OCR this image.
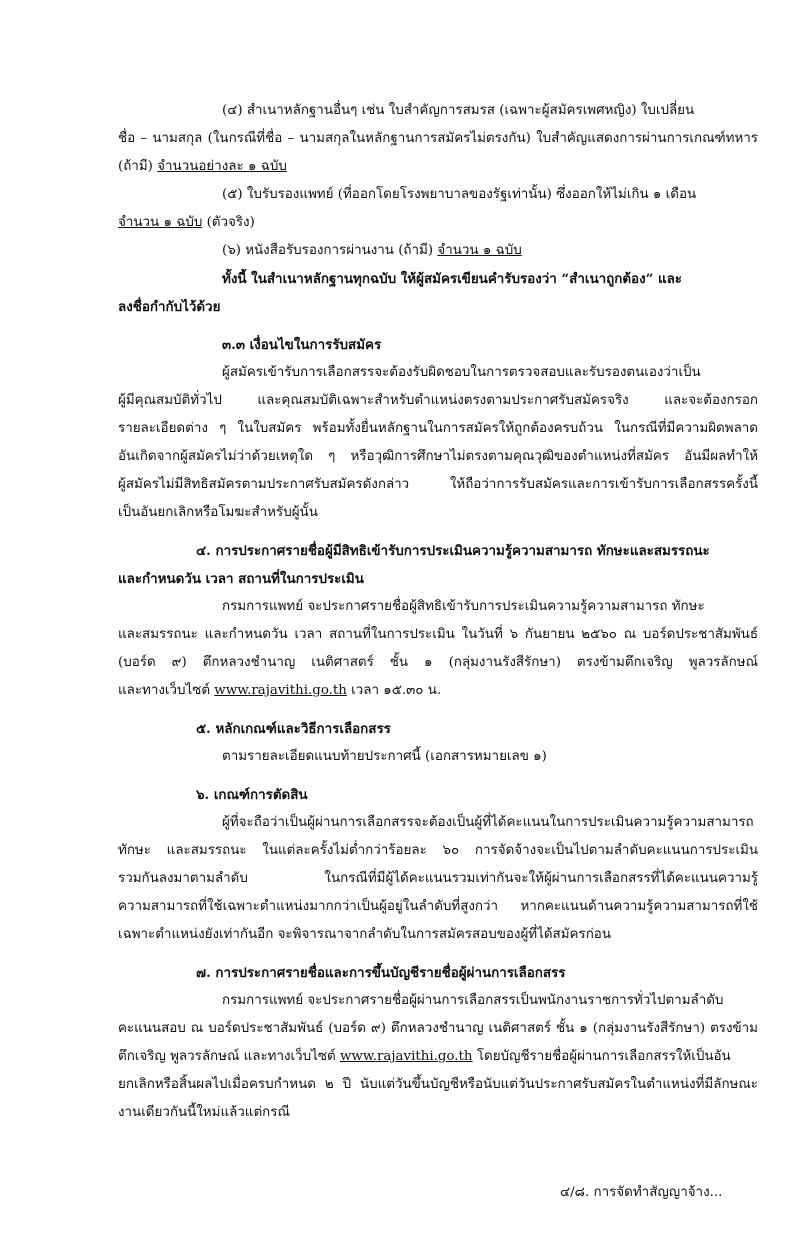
(๔) สำเนาหลักฐานอื่นๆ เช่น ใบสำคัญการสมรส (เฉพาะผู้สมัครเพศหญิง) ใบเปลี่ยน
ชื่อ – นามสกุล (ในกรณีที่ชื่อ – นามสกุลในหลักฐานการสมัครไม่ตรงกัน) ใบสำคัญแสดงการผ่านการเกณฑ์ทหาร
(ถ้ามี) จำนวนอย่างละ ๑ ฉบับ
(๕) ใบรับรองแพทย์ (ที่ออกโดยโรงพยาบาลของรัฐเท่านั้น) ซึ่งออกให้ไม่เกิน ๑ เดือน
จำนวน ๑ ฉบับ (ตัวจริง)
(๖) หนังสือรับรองการผ่านงาน (ถ้ามี) จำนวน ๑ ฉบับ
ทั้งนี้ ในสำเนาหลักฐานทุกฉบับ ให้ผู้สมัครเขียนคำรับรองว่า “สำเนาถูกต้อง” และ
ลงชื่อกำกับไว้ด้วย
๓.๓ เงื่อนไขในการรับสมัคร
ผู้สมัครเข้ารับการเลือกสรรจะต้องรับผิดชอบในการตรวจสอบและรับรองตนเองว่าเป็น
ผู้มีคุณสมบัติทั่วไป และคุณสมบัติเฉพาะสำหรับตำแหน่งตรงตามประกาศรับสมัครจริง และจะต้องกรอก
รายละเอียดต่าง ๆ ในใบสมัคร พร้อมทั้งยื่นหลักฐานในการสมัครให้ถูกต้องครบถ้วน ในกรณีที่มีความผิดพลาด
อันเกิดจากผู้สมัครไม่ว่าด้วยเหตุใด ๆ หรือวุฒิการศึกษาไม่ตรงตามคุณวุฒิของตำแหน่งที่สมัคร อันมีผลทำให้
ผู้สมัครไม่มีสิทธิสมัครตามประกาศรับสมัครดังกล่าว ให้ถือว่าการรับสมัครและการเข้ารับการเลือกสรรครั้งนี้
เป็นอันยกเลิกหรือโมฆะสำหรับผู้นั้น
๔. การประกาศรายชื่อผู้มีสิทธิเข้ารับการประเมินความรู้ความสามารถ ทักษะและสมรรถนะ
และกำหนดวัน เวลา สถานที่ในการประเมิน
กรมการแพทย์ จะประกาศรายชื่อผู้สิทธิเข้ารับการประเมินความรู้ความสามารถ ทักษะ
และสมรรถนะ และกำหนดวัน เวลา สถานที่ในการประเมิน ในวันที่ ๖ กันยายน ๒๕๖๐ ณ บอร์ดประชาสัมพันธ์
(บอร์ด ๙) ตึกหลวงชำนาญ เนติศาสตร์ ชั้น ๑ (กลุ่มงานรังสีรักษา) ตรงข้ามตึกเจริญ พูลวรลักษณ์
และทางเว็บไซต์ www.rajavithi.go.th เวลา ๑๕.๓๐ น.
๕. หลักเกณฑ์และวิธีการเลือกสรร
ตามรายละเอียดแนบท้ายประกาศนี้ (เอกสารหมายเลข ๑)
๖. เกณฑ์การตัดสิน
ผู้ที่จะถือว่าเป็นผู้ผ่านการเลือกสรรจะต้องเป็นผู้ที่ได้คะแนนในการประเมินความรู้ความสามารถ
ทักษะ และสมรรถนะ ในแต่ละครั้งไม่ต่ำกว่าร้อยละ ๖๐ การจัดจ้างจะเป็นไปตามลำดับคะแนนการประเมิน
รวมกันลงมาตามลำดับ ในกรณีที่มีผู้ได้คะแนนรวมเท่ากันจะให้ผู้ผ่านการเลือกสรรที่ได้คะแนนความรู้
ความสามารถที่ใช้เฉพาะตำแหน่งมากกว่าเป็นผู้อยู่ในลำดับที่สูงกว่า หากคะแนนด้านความรู้ความสามารถที่ใช้
เฉพาะตำแหน่งยังเท่ากันอีก จะพิจารณาจากลำดับในการสมัครสอบของผู้ที่ได้สมัครก่อน
๗. การประกาศรายชื่อและการขึ้นบัญชีรายชื่อผู้ผ่านการเลือกสรร
กรมการแพทย์ จะประกาศรายชื่อผู้ผ่านการเลือกสรรเป็นพนักงานราชการทั่วไปตามลำดับ
คะแนนสอบ ณ บอร์ดประชาสัมพันธ์ (บอร์ด ๙) ตึกหลวงชำนาญ เนติศาสตร์ ชั้น ๑ (กลุ่มงานรังสีรักษา) ตรงข้าม
ตึกเจริญ พูลวรลักษณ์ และทางเว็บไซต์ www.rajavithi.go.th โดยบัญชีรายชื่อผู้ผ่านการเลือกสรรให้เป็นอัน
ยกเลิกหรือสิ้นผลไปเมื่อครบกำหนด ๒ ปี นับแต่วันขึ้นบัญชีหรือนับแต่วันประกาศรับสมัครในตำแหน่งที่มีลักษณะ
งานเดียวกันนี้ใหม่แล้วแต่กรณี
๔/๘. การจัดทำสัญญาจ้าง...
